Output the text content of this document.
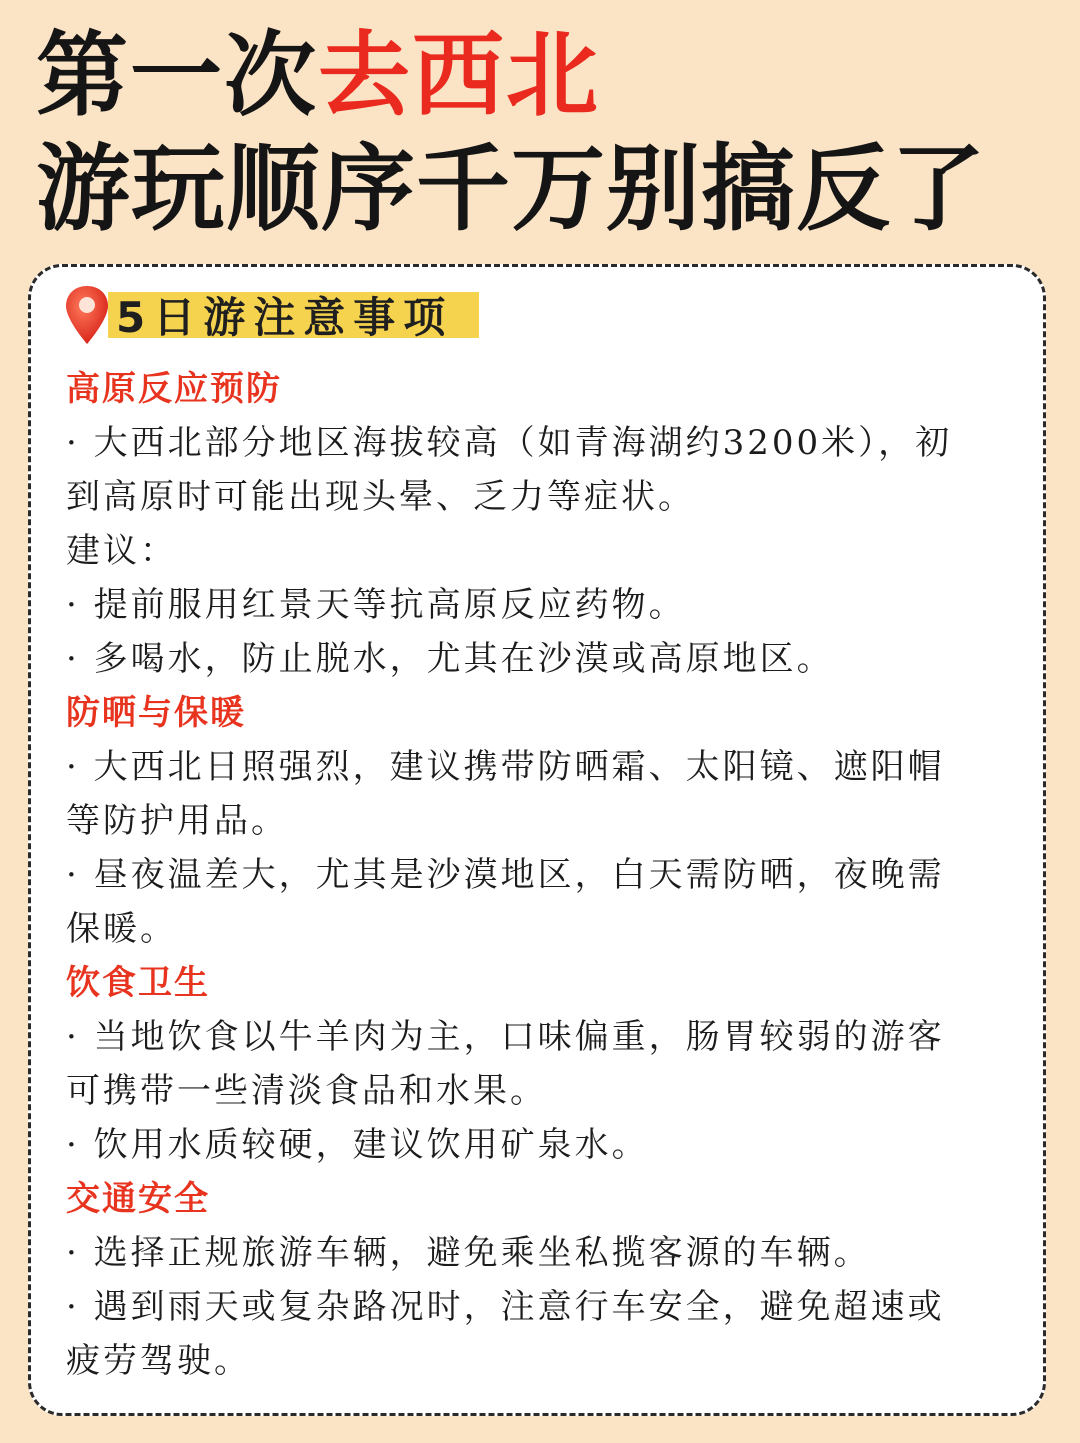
第一次去西北
游玩顺序千万别搞反了
5日游注意事项

高原反应预防

· 大西北部分地区海拔较高（如青海湖约3200米），初

到高原时可能出现头晕、乏力等症状。

建议：

· 提前服用红景天等抗高原反应药物。

· 多喝水，防止脱水，尤其在沙漠或高原地区。

防晒与保暖

· 大西北日照强烈，建议携带防晒霜、太阳镜、遮阳帽

等防护用品。

· 昼夜温差大，尤其是沙漠地区，白天需防晒，夜晚需

保暖。

饮食卫生

· 当地饮食以牛羊肉为主，口味偏重，肠胃较弱的游客

可携带一些清淡食品和水果。

· 饮用水质较硬，建议饮用矿泉水。

交通安全

· 选择正规旅游车辆，避免乘坐私揽客源的车辆。

· 遇到雨天或复杂路况时，注意行车安全，避免超速或

疲劳驾驶。
